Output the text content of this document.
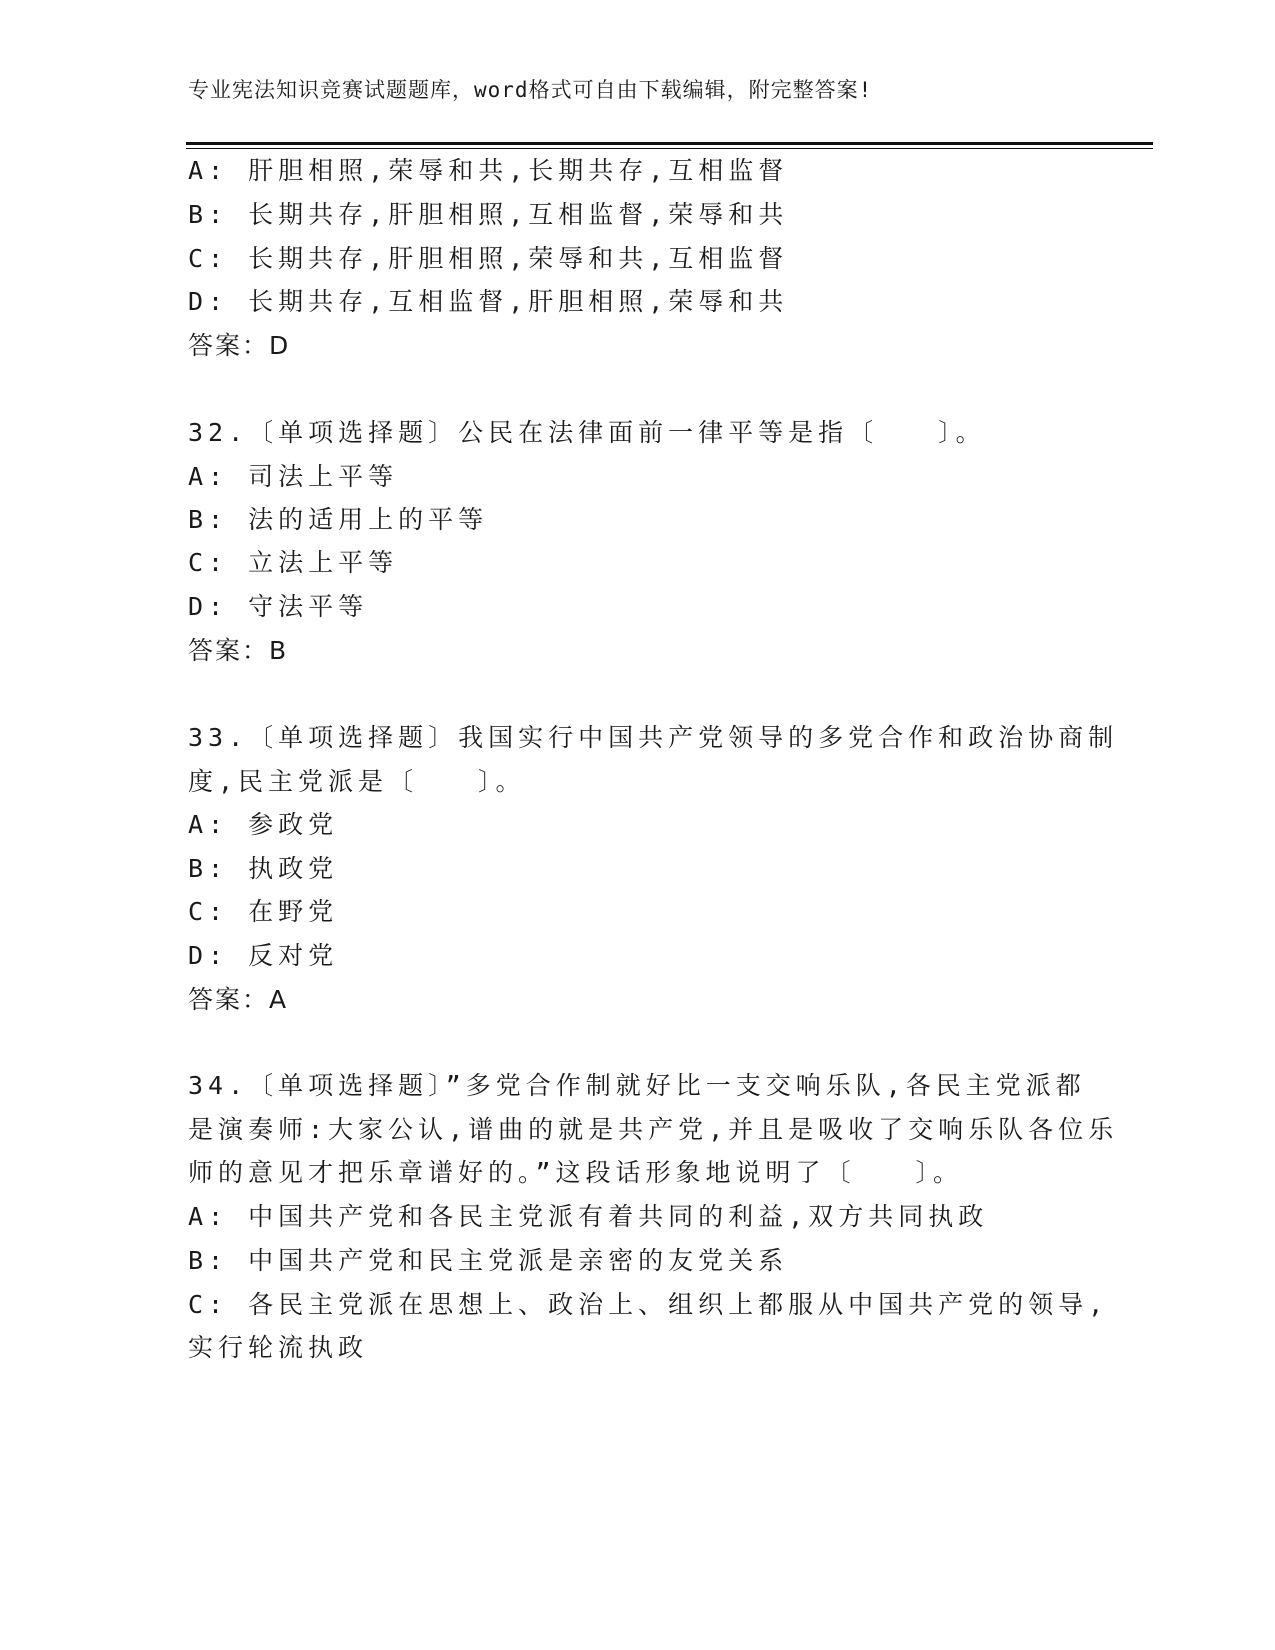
专业宪法知识竞赛试题题库，word格式可自由下载编辑，附完整答案!
A: 肝胆相照,荣辱和共,长期共存,互相监督
B: 长期共存,肝胆相照,互相监督,荣辱和共
C: 长期共存,肝胆相照,荣辱和共,互相监督
D: 长期共存,互相监督,肝胆相照,荣辱和共
答案：D
32.〔单项选择题〕公民在法律面前一律平等是指〔　　〕。
A: 司法上平等
B: 法的适用上的平等
C: 立法上平等
D: 守法平等
答案：B
33.〔单项选择题〕我国实行中国共产党领导的多党合作和政治协商制
度,民主党派是〔　　〕。
A: 参政党
B: 执政党
C: 在野党
D: 反对党
答案：A
34.〔单项选择题〕”多党合作制就好比一支交响乐队,各民主党派都
是演奏师:大家公认,谱曲的就是共产党,并且是吸收了交响乐队各位乐
师的意见才把乐章谱好的。”这段话形象地说明了〔　　〕。
A: 中国共产党和各民主党派有着共同的利益,双方共同执政
B: 中国共产党和民主党派是亲密的友党关系
C: 各民主党派在思想上、政治上、组织上都服从中国共产党的领导,
实行轮流执政
